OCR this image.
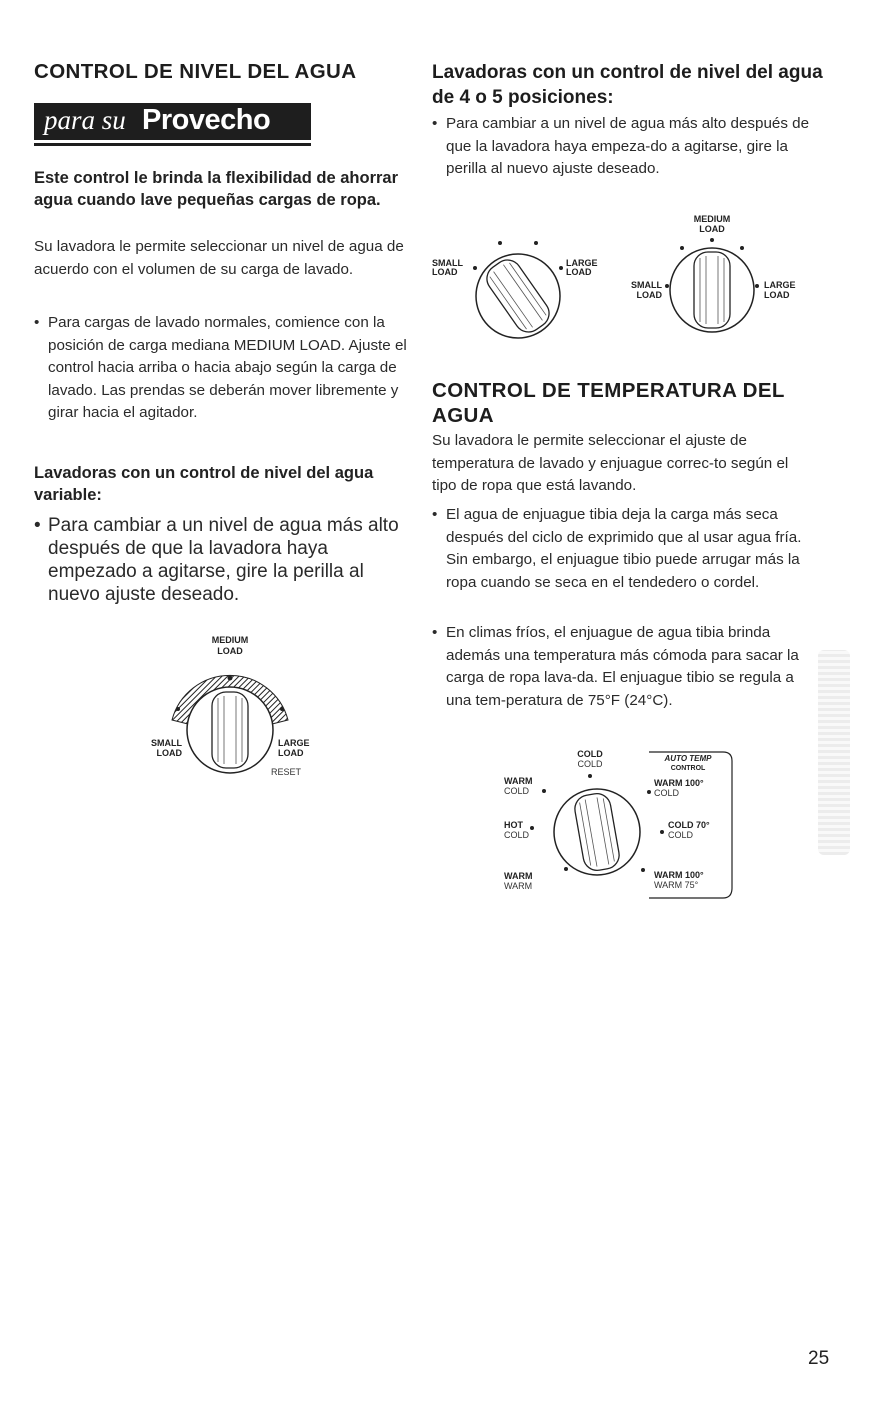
CONTROL DE NIVEL DEL AGUA
para su Provecho

Este control le brinda la flexibilidad de ahorrar agua cuando lave pequeñas cargas de ropa.

Su lavadora le permite seleccionar un nivel de agua de acuerdo con el volumen de su carga de lavado.

• Para cargas de lavado normales, comience con la posición de carga mediana MEDIUM LOAD. Ajuste el control hacia arriba o hacia abajo según la carga de lavado. Las prendas se deberán mover libremente y girar hacia el agitador.

Lavadoras con un control de nivel del agua variable:

• Para cambiar a un nivel de agua más alto después de que la lavadora haya empezado a agitarse, gire la perilla al nuevo ajuste deseado.

MEDIUM
LOAD
SMALL
LOAD
LARGE
LOAD
RESET

Lavadoras con un control de nivel del agua de 4 o 5 posiciones:

• Para cambiar a un nivel de agua más alto después de que la lavadora haya empeza-do a agitarse, gire la perilla al nuevo ajuste deseado.

SMALL
LOAD
LARGE
LOAD
MEDIUM
LOAD
SMALL
LOAD
LARGE
LOAD
CONTROL DE TEMPERATURA DEL AGUA

Su lavadora le permite seleccionar el ajuste de temperatura de lavado y enjuague correc-to según el tipo de ropa que está lavando.

• El agua de enjuague tibia deja la carga más seca después del ciclo de exprimido que al usar agua fría. Sin embargo, el enjuague tibio puede arrugar más la ropa cuando se seca en el tendedero o cordel.

• En climas fríos, el enjuague de agua tibia brinda además una temperatura más cómoda para sacar la carga de ropa lava-da. El enjuague tibio se regula a una tem-peratura de 75°F (24°C).

COLD
COLD
WARM
COLD
HOT
COLD
WARM
WARM
AUTO TEMP
CONTROL
WARM 100°
COLD
COLD 70°
COLD
WARM 100°
WARM 75°
25
